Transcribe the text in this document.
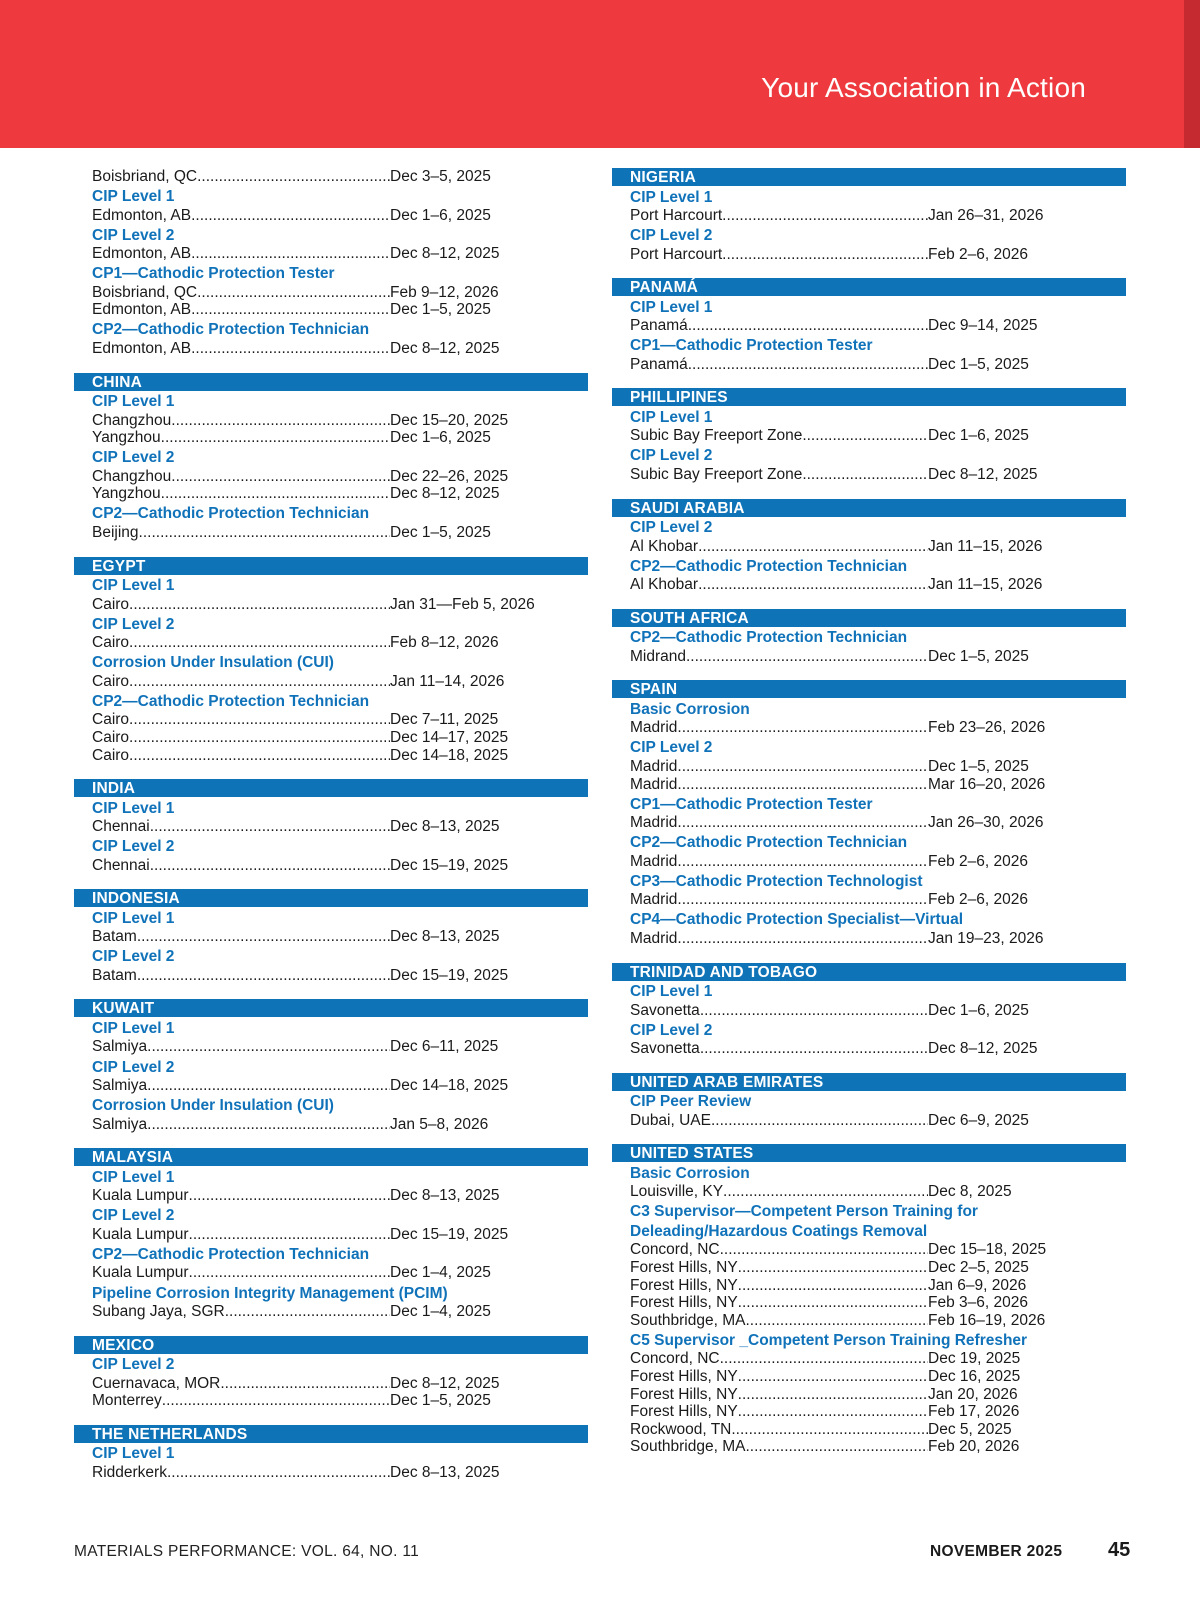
Your Association in Action
Boisbriand, QC .....	Dec 3–5, 2025
CIP Level 1
Edmonton, AB .....	Dec 1–6, 2025
CIP Level 2
Edmonton, AB .....	Dec 8–12, 2025
CP1—Cathodic Protection Tester
Boisbriand, QC .....	Feb 9–12, 2026
Edmonton, AB .....	Dec 1–5, 2025
CP2—Cathodic Protection Technician
Edmonton, AB .....	Dec 8–12, 2025
CHINA
CIP Level 1
Changzhou .....	Dec 15–20, 2025
Yangzhou .....	Dec 1–6, 2025
CIP Level 2
Changzhou .....	Dec 22–26, 2025
Yangzhou .....	Dec 8–12, 2025
CP2—Cathodic Protection Technician
Beijing .....	Dec 1–5, 2025
EGYPT
CIP Level 1
Cairo .....	Jan 31—Feb 5, 2026
CIP Level 2
Cairo .....	Feb 8–12, 2026
Corrosion Under Insulation (CUI)
Cairo .....	Jan 11–14, 2026
CP2—Cathodic Protection Technician
Cairo .....	Dec 7–11, 2025
Cairo .....	Dec 14–17, 2025
Cairo .....	Dec 14–18, 2025
INDIA
CIP Level 1
Chennai .....	Dec 8–13, 2025
CIP Level 2
Chennai .....	Dec 15–19, 2025
INDONESIA
CIP Level 1
Batam .....	Dec 8–13, 2025
CIP Level 2
Batam .....	Dec 15–19, 2025
KUWAIT
CIP Level 1
Salmiya .....	Dec 6–11, 2025
CIP Level 2
Salmiya .....	Dec 14–18, 2025
Corrosion Under Insulation (CUI)
Salmiya .....	Jan 5–8, 2026
MALAYSIA
CIP Level 1
Kuala Lumpur .....	Dec 8–13, 2025
CIP Level 2
Kuala Lumpur .....	Dec 15–19, 2025
CP2—Cathodic Protection Technician
Kuala Lumpur .....	Dec 1–4, 2025
Pipeline Corrosion Integrity Management (PCIM)
Subang Jaya, SGR .....	Dec 1–4, 2025
MEXICO
CIP Level 2
Cuernavaca, MOR .....	Dec 8–12, 2025
Monterrey .....	Dec 1–5, 2025
THE NETHERLANDS
CIP Level 1
Ridderkerk .....	Dec 8–13, 2025
NIGERIA
CIP Level 1
Port Harcourt .....	Jan 26–31, 2026
CIP Level 2
Port Harcourt .....	Feb 2–6, 2026
PANAMÁ
CIP Level 1
Panamá .....	Dec 9–14, 2025
CP1—Cathodic Protection Tester
Panamá .....	Dec 1–5, 2025
PHILLIPINES
CIP Level 1
Subic Bay Freeport Zone .....	Dec 1–6, 2025
CIP Level 2
Subic Bay Freeport Zone .....	Dec 8–12, 2025
SAUDI ARABIA
CIP Level 2
Al Khobar .....	Jan 11–15, 2026
CP2—Cathodic Protection Technician
Al Khobar .....	Jan 11–15, 2026
SOUTH AFRICA
CP2—Cathodic Protection Technician
Midrand .....	Dec 1–5, 2025
SPAIN
Basic Corrosion
Madrid .....	Feb 23–26, 2026
CIP Level 2
Madrid .....	Dec 1–5, 2025
Madrid .....	Mar 16–20, 2026
CP1—Cathodic Protection Tester
Madrid .....	Jan 26–30, 2026
CP2—Cathodic Protection Technician
Madrid .....	Feb 2–6, 2026
CP3—Cathodic Protection Technologist
Madrid .....	Feb 2–6, 2026
CP4—Cathodic Protection Specialist—Virtual
Madrid .....	Jan 19–23, 2026
TRINIDAD AND TOBAGO
CIP Level 1
Savonetta .....	Dec 1–6, 2025
CIP Level 2
Savonetta .....	Dec 8–12, 2025
UNITED ARAB EMIRATES
CIP Peer Review
Dubai, UAE .....	Dec 6–9, 2025
UNITED STATES
Basic Corrosion
Louisville, KY .....	Dec 8, 2025
C3 Supervisor—Competent Person Training for Deleading/Hazardous Coatings Removal
Concord, NC .....	Dec 15–18, 2025
Forest Hills, NY .....	Dec 2–5, 2025
Forest Hills, NY .....	Jan 6–9, 2026
Forest Hills, NY .....	Feb 3–6, 2026
Southbridge, MA .....	Feb 16–19, 2026
C5 Supervisor _Competent Person Training Refresher
Concord, NC .....	Dec 19, 2025
Forest Hills, NY .....	Dec 16, 2025
Forest Hills, NY .....	Jan 20, 2026
Forest Hills, NY .....	Feb 17, 2026
Rockwood, TN .....	Dec 5, 2025
Southbridge, MA .....	Feb 20, 2026
MATERIALS PERFORMANCE: VOL. 64, NO. 11	NOVEMBER 2025 45
